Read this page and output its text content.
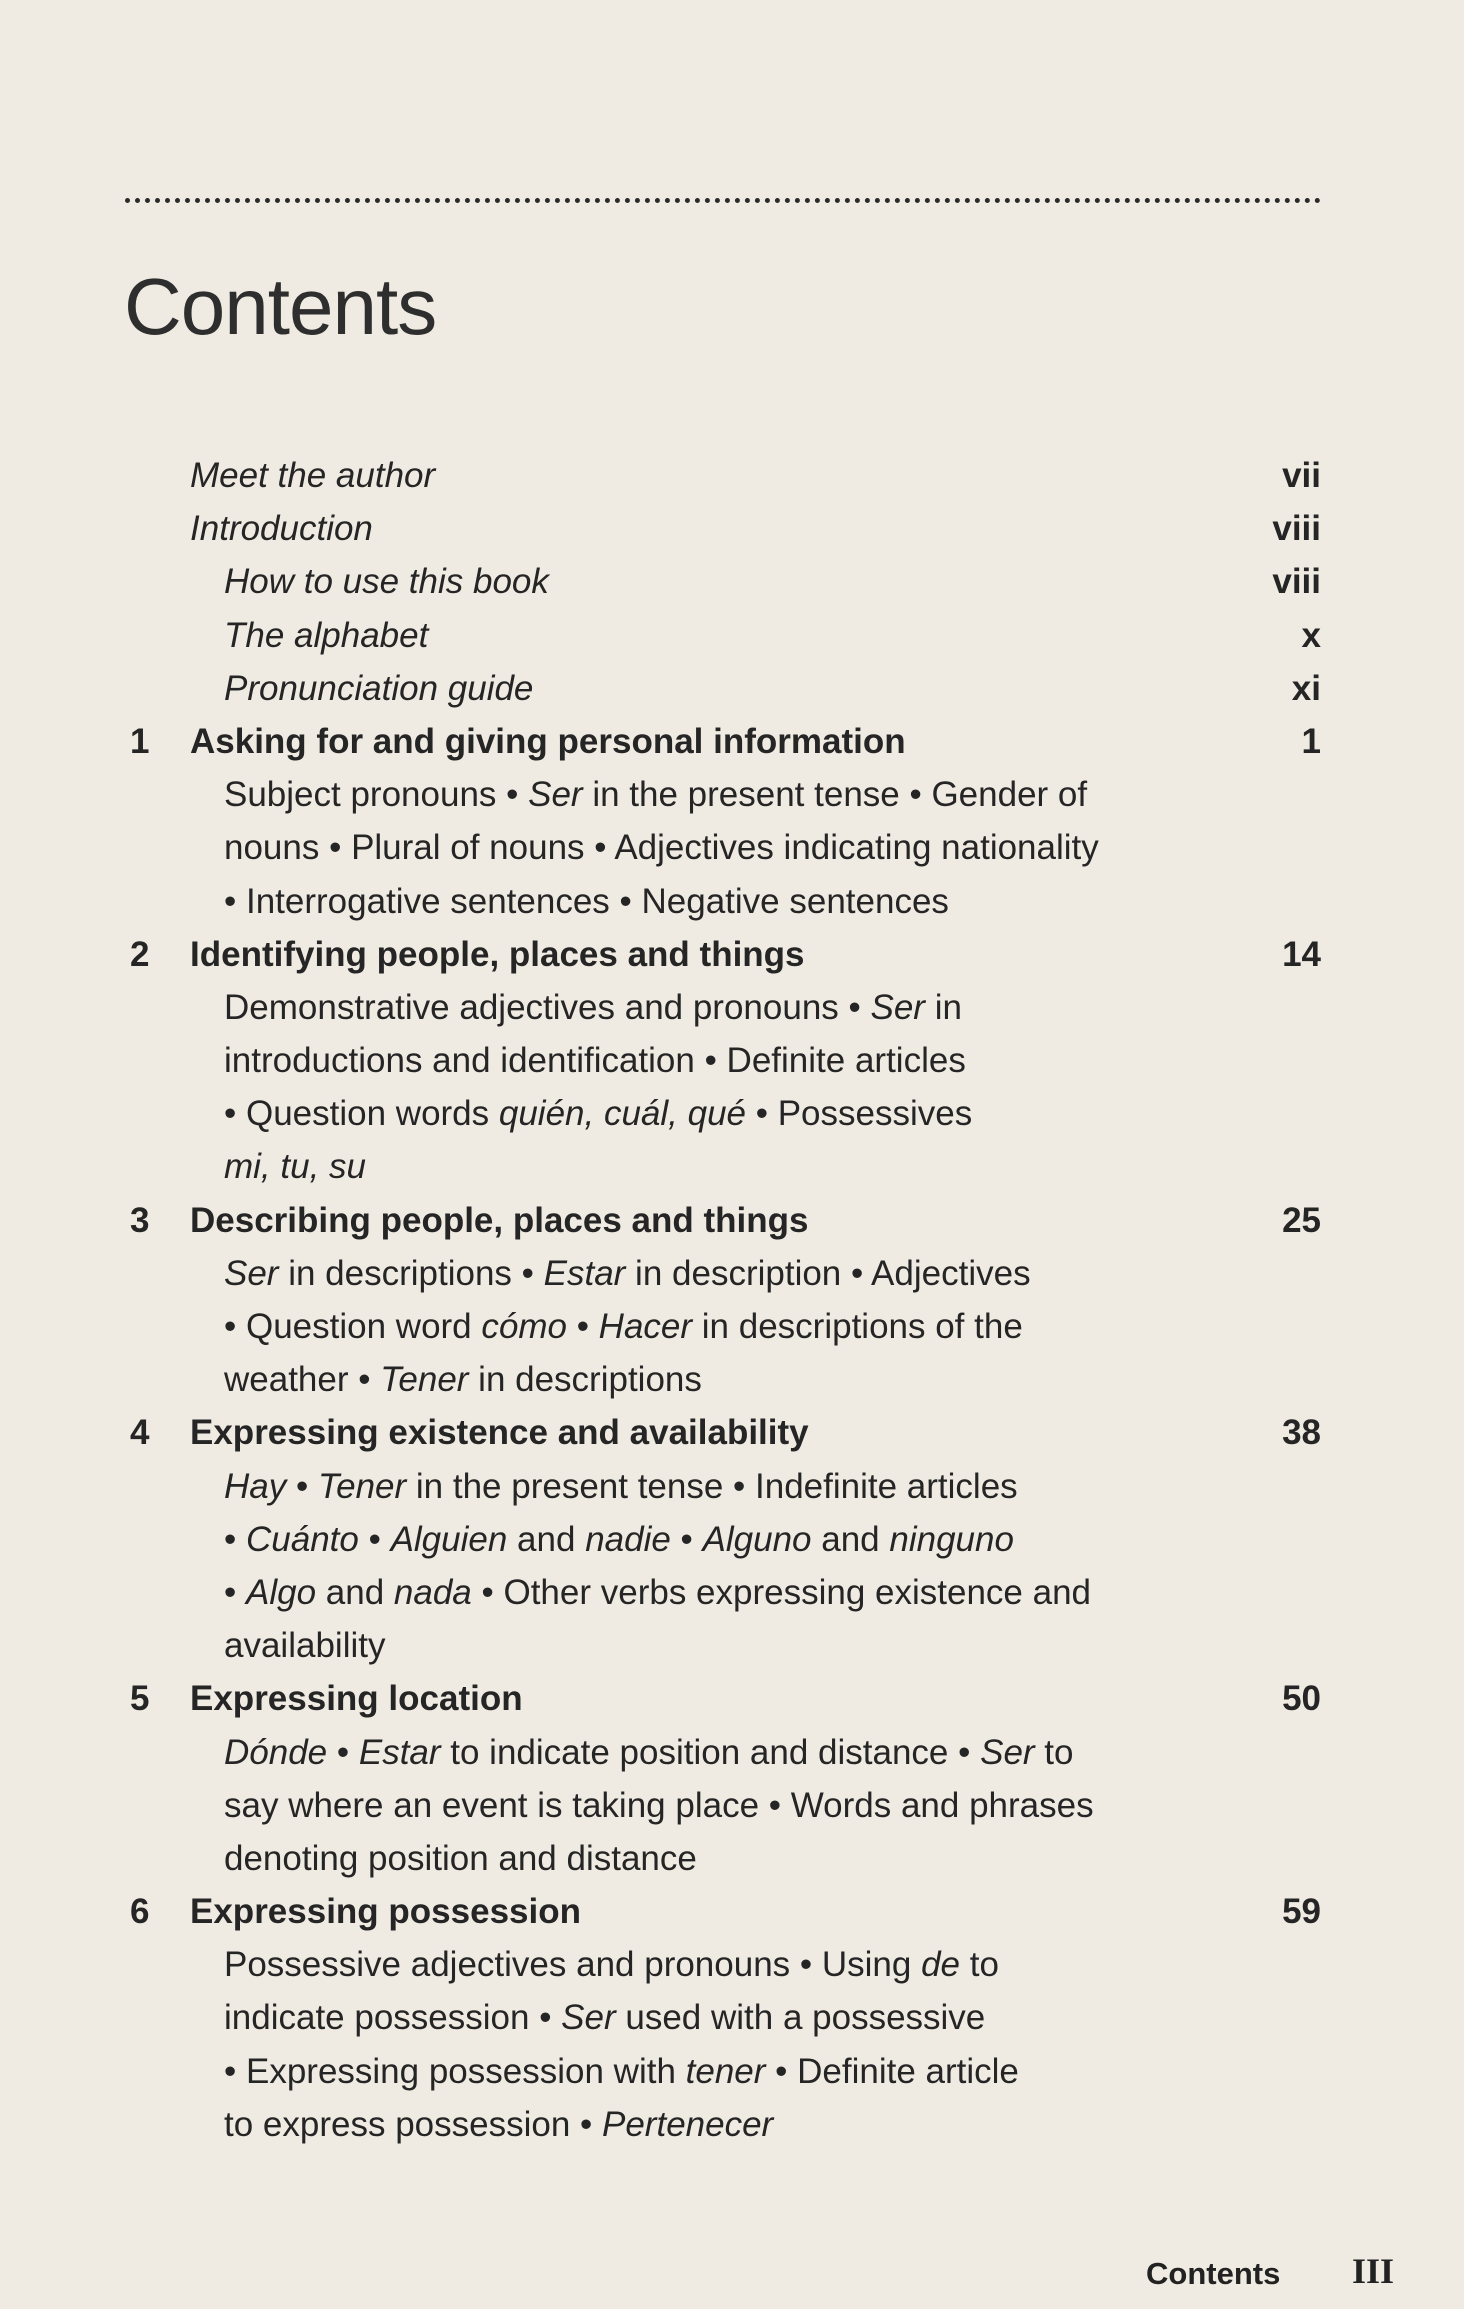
Contents
Meet the author	vii
Introduction	viii
How to use this book	viii
The alphabet	x
Pronunciation guide	xi
1 Asking for and giving personal information	1
Subject pronouns • Ser in the present tense • Gender of
nouns • Plural of nouns • Adjectives indicating nationality
• Interrogative sentences • Negative sentences
2 Identifying people, places and things	14
Demonstrative adjectives and pronouns • Ser in
introductions and identification • Definite articles
• Question words quién, cuál, qué • Possessives
mi, tu, su
3 Describing people, places and things	25
Ser in descriptions • Estar in description • Adjectives
• Question word cómo • Hacer in descriptions of the
weather • Tener in descriptions
4 Expressing existence and availability	38
Hay • Tener in the present tense • Indefinite articles
• Cuánto • Alguien and nadie • Alguno and ninguno
• Algo and nada • Other verbs expressing existence and
availability
5 Expressing location	50
Dónde • Estar to indicate position and distance • Ser to
say where an event is taking place • Words and phrases
denoting position and distance
6 Expressing possession	59
Possessive adjectives and pronouns • Using de to
indicate possession • Ser used with a possessive
• Expressing possession with tener • Definite article
to express possession • Pertenecer
Contents III
